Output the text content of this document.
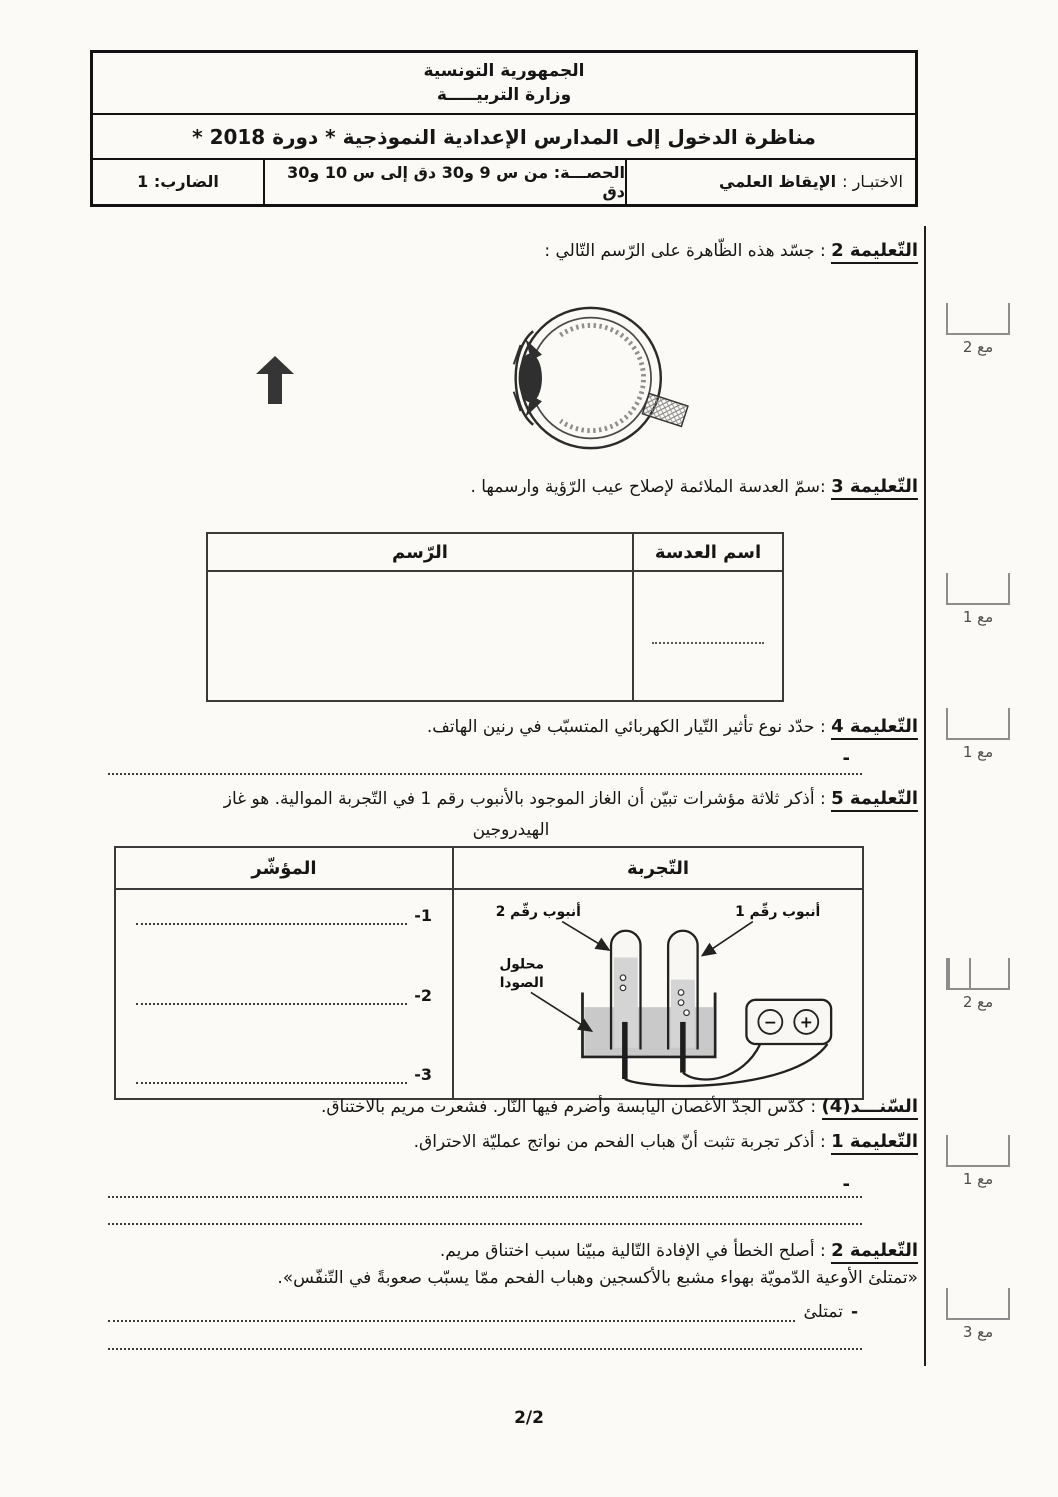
الجمهورية التونسية
وزارة التربيـــــة
مناظرة الدخول إلى المدارس الإعدادية النموذجية * دورة 2018 *
الاختبـار :
الإيقاظ العلمي
الحصـــة: من س 9 و30 دق إلى س 10 و30 دق
الضارب: 1
التّعليمة 2 : جسّد هذه الظّاهرة على الرّسم التّالي :
التّعليمة 3 :سمّ العدسة الملائمة لإصلاح عيب الرّؤية وارسمها .
اسم العدسة	الرّسم

التّعليمة 4 : حدّد نوع تأثير التّيار الكهربائي المتسبّب في رنين الهاتف.
-
التّعليمة 5 : أذكر ثلاثة مؤشرات تبيّن أن الغاز الموجود بالأنبوب رقم 1 في التّجربة الموالية. هو غاز
الهيدروجين
التّجربة	المؤشّر

− +
أنبوب رقّم 2	أنبوب رقّم 1
محلول
الصودا

-1
-2
-3
السّنـــد(4) : كدّس الجدّ الأغصان اليابسة وأضرم فيها النّار. فشعرت مريم بالاختناق.
التّعليمة 1 : أذكر تجربة تثبت أنّ هباب الفحم من نواتج عمليّة الاحتراق.
-
التّعليمة 2 : أصلح الخطأ في الإفادة التّالية مبيّنا سبب اختناق مريم.
«تمتلئ الأوعية الدّمويّة بهواء مشبع بالأكسجين وهباب الفحم ممّا يسبّب صعوبةً في التّنفّس».
-
تمتلئ
مع 2
مع 1
مع 1
مع 2
مع 1
مع 3
2/2
